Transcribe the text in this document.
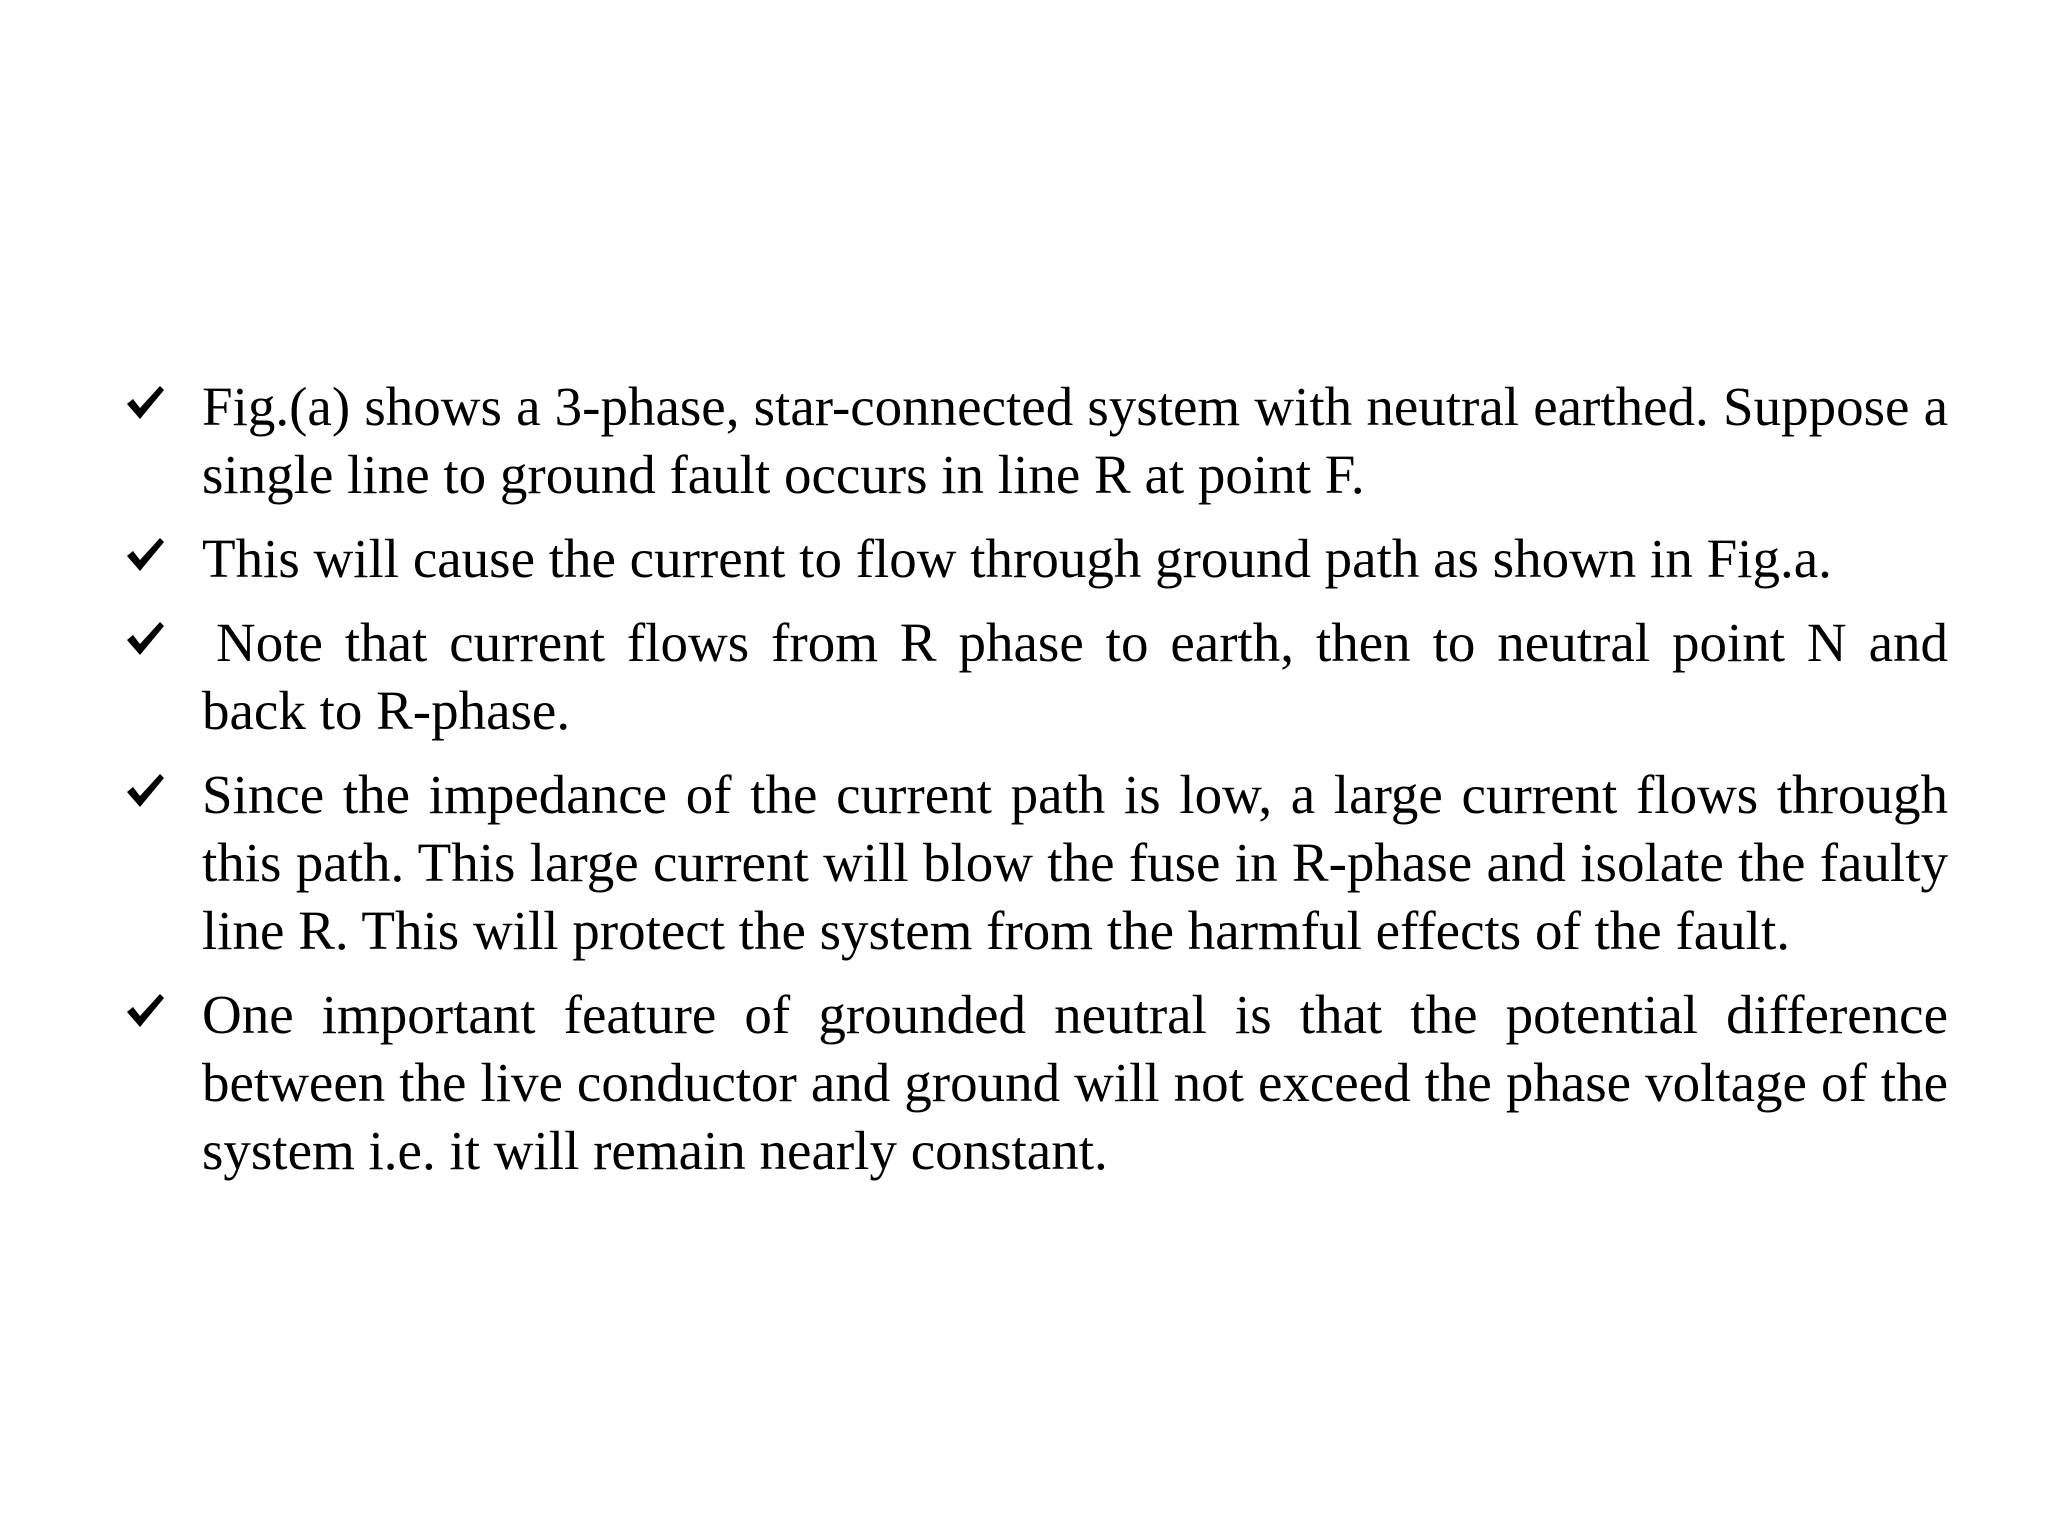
Fig.(a) shows a 3-phase, star-connected system with neutral earthed. Suppose a single line to ground fault occurs in line R at point F.

This will cause the current to flow through ground path as shown in Fig.a.

Note that current flows from R phase to earth, then to neutral point N and back to R-phase.

Since the impedance of the current path is low, a large current flows through this path. This large current will blow the fuse in R-phase and isolate the faulty line R. This will protect the system from the harmful effects of the fault.

One important feature of grounded neutral is that the potential difference between the live conductor and ground will not exceed the phase voltage of the system i.e. it will remain nearly constant.
